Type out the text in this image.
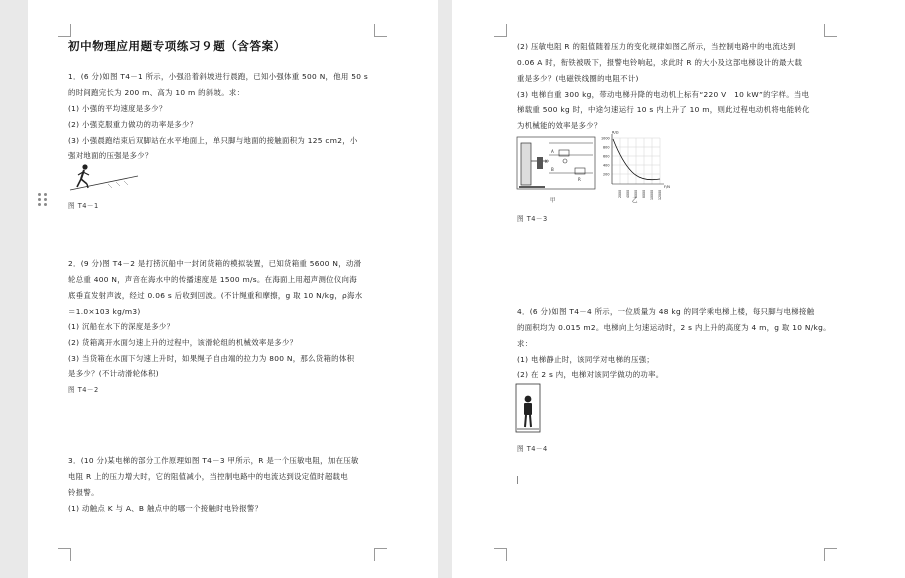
初中物理应用题专项练习９题（含答案）
1．(6 分)如图 T4－1 所示，小强沿着斜坡进行晨跑，已知小强体重 500 N，他用 50 s
的时间跑完长为 200 m、高为 10 m 的斜坡。求：
(1) 小强的平均速度是多少？
(2) 小强克服重力做功的功率是多少？
(3) 小强晨跑结束后双脚站在水平地面上，单只脚与地面的接触面积为 125 cm2，小
强对地面的压强是多少？
图 T4－1
2．(9 分)图 T4－2 是打捞沉船中一封闭货箱的模拟装置，已知货箱重 5600 N，动滑
轮总重 400 N，声音在海水中的传播速度是 1500 m/s。在海面上用超声测位仪向海
底垂直发射声波，经过 0.06 s 后收到回波。(不计绳重和摩擦，g 取 10 N/kg，ρ海水
＝1.0×103 kg/m3)
(1) 沉船在水下的深度是多少？
(2) 货箱离开水面匀速上升的过程中，该滑轮组的机械效率是多少？
(3) 当货箱在水面下匀速上升时，如果绳子自由端的拉力为 800 N，那么货箱的体积
是多少？(不计动滑轮体积)
图 T4－2
3．(10 分)某电梯的部分工作原理如图 T4－3 甲所示，R 是一个压敏电阻，加在压敏
电阻 R 上的压力增大时，它的阻值减小，当控制电路中的电流达到设定值时超载电
铃报警。
(1) 动触点 K 与 A、B 触点中的哪一个接触时电铃报警？
(2) 压敏电阻 R 的阻值随着压力的变化规律如图乙所示，当控制电路中的电流达到
0.06 A 时，衔铁被吸下，报警电铃响起，求此时 R 的大小及这部电梯设计的最大载
重是多少？(电磁铁线圈的电阻不计)
(3) 电梯自重 300 kg，带动电梯升降的电动机上标有“220 V　10 kW”的字样。当电
梯载重 500 kg 时，中途匀速运行 10 s 内上升了 10 m，则此过程电动机将电能转化
为机械能的效率是多少？
A
B
K
R
甲
R/Ω
F/N
1000
800
600
400
200
2000 4000 6000 8000 10000 12000
乙
图 T4－3
4．(6 分)如图 T4－4 所示，一位质量为 48 kg 的同学乘电梯上楼，每只脚与电梯接触
的面积均为 0.015 m2。电梯向上匀速运动时，2 s 内上升的高度为 4 m，g 取 10 N/kg。
求：
(1) 电梯静止时，该同学对电梯的压强；
(2) 在 2 s 内，电梯对该同学做功的功率。
图 T4－4
